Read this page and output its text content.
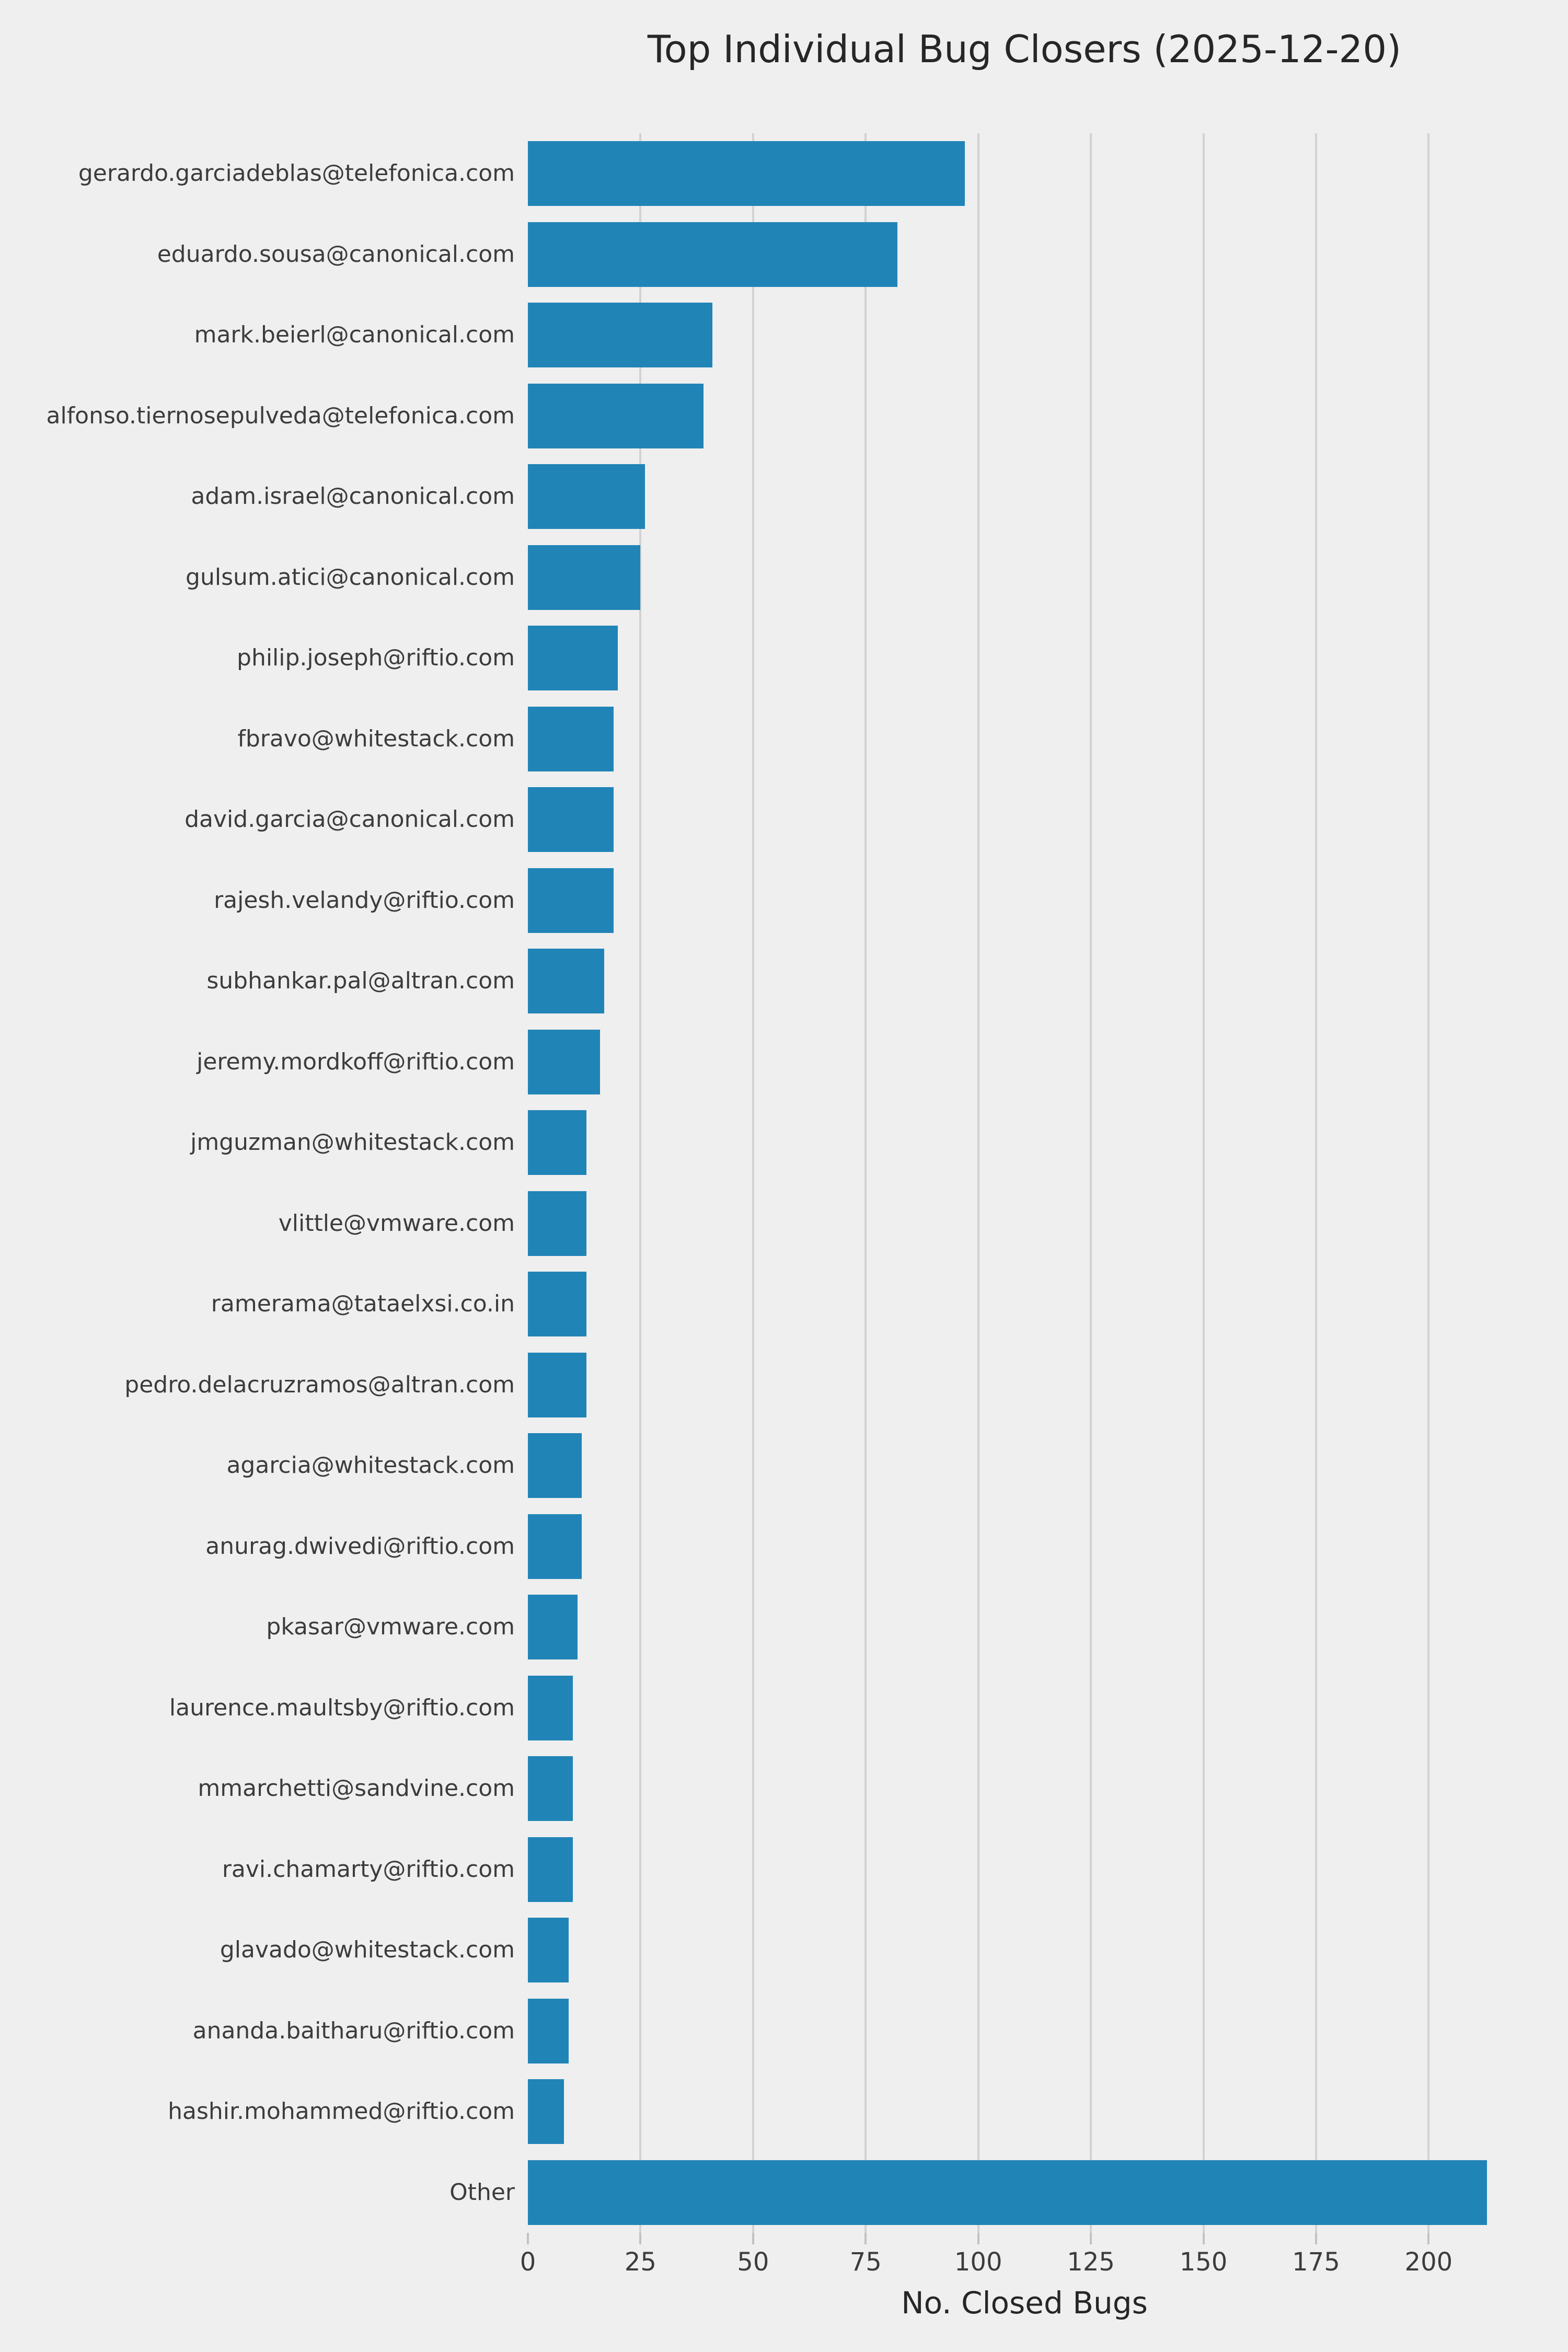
Top Individual Bug Closers (2025-12-20)
gerardo.garciadeblas@telefonica.com
eduardo.sousa@canonical.com
mark.beierl@canonical.com
alfonso.tiernosepulveda@telefonica.com
adam.israel@canonical.com
gulsum.atici@canonical.com
philip.joseph@riftio.com
fbravo@whitestack.com
david.garcia@canonical.com
rajesh.velandy@riftio.com
subhankar.pal@altran.com
jeremy.mordkoff@riftio.com
jmguzman@whitestack.com
vlittle@vmware.com
ramerama@tataelxsi.co.in
pedro.delacruzramos@altran.com
agarcia@whitestack.com
anurag.dwivedi@riftio.com
pkasar@vmware.com
laurence.maultsby@riftio.com
mmarchetti@sandvine.com
ravi.chamarty@riftio.com
glavado@whitestack.com
ananda.baitharu@riftio.com
hashir.mohammed@riftio.com
Other
0	25	50	75	100	125	150	175	200
No. Closed Bugs
